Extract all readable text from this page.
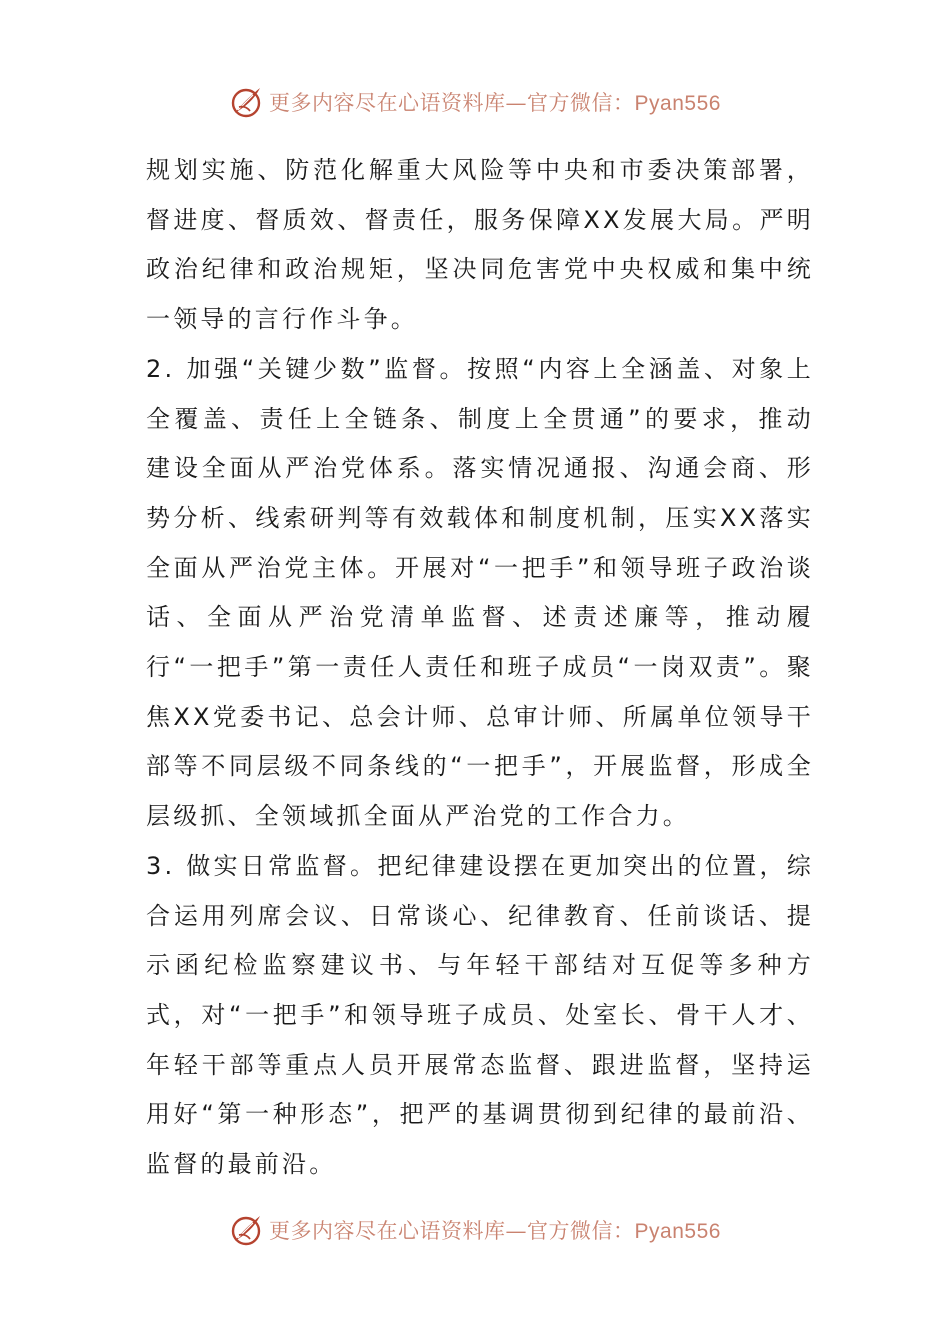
更多内容尽在心语资料库—官方微信：Pyan556

规划实施、防范化解重大风险等中央和市委决策部署，督进度、督质效、督责任，服务保障XX发展大局。严明政治纪律和政治规矩，坚决同危害党中央权威和集中统一领导的言行作斗争。

2. 加强“关键少数”监督。按照“内容上全涵盖、对象上全覆盖、责任上全链条、制度上全贯通”的要求，推动建设全面从严治党体系。落实情况通报、沟通会商、形势分析、线索研判等有效载体和制度机制，压实XX落实全面从严治党主体。开展对“一把手”和领导班子政治谈话、全面从严治党清单监督、述责述廉等，推动履行“一把手”第一责任人责任和班子成员“一岗双责”。聚焦XX党委书记、总会计师、总审计师、所属单位领导干部等不同层级不同条线的“一把手”，开展监督，形成全层级抓、全领域抓全面从严治党的工作合力。

3. 做实日常监督。把纪律建设摆在更加突出的位置，综合运用列席会议、日常谈心、纪律教育、任前谈话、提示函纪检监察建议书、与年轻干部结对互促等多种方式，对“一把手”和领导班子成员、处室长、骨干人才、年轻干部等重点人员开展常态监督、跟进监督，坚持运用好“第一种形态”，把严的基调贯彻到纪律的最前沿、监督的最前沿。

更多内容尽在心语资料库—官方微信：Pyan556
